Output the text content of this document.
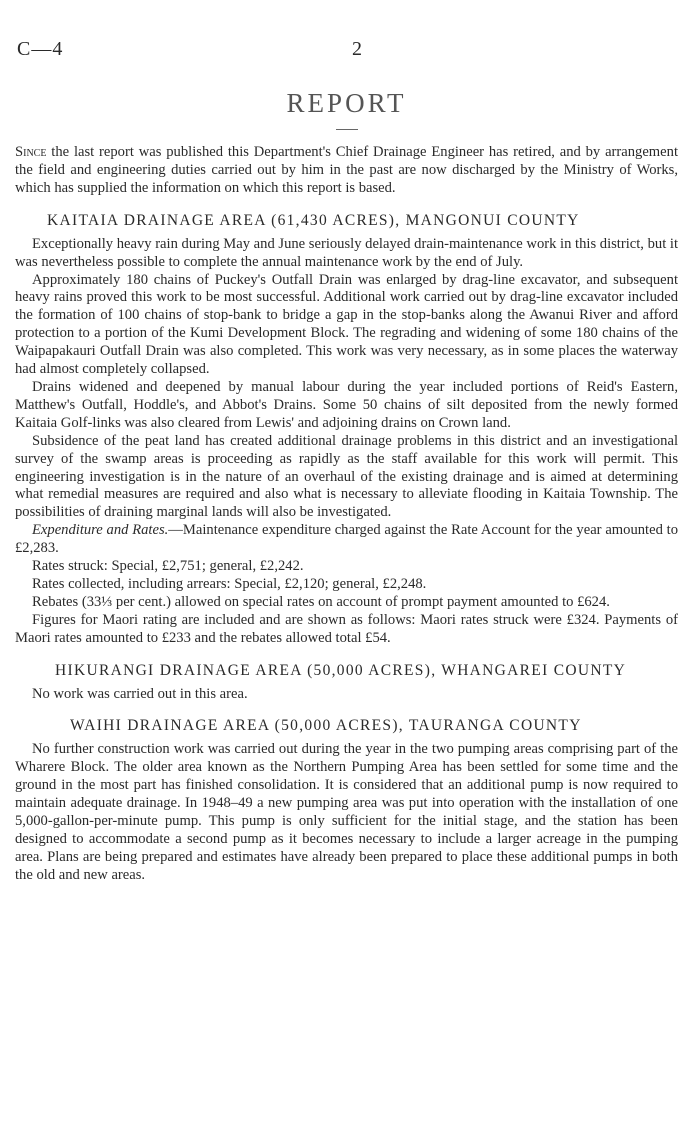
C—4	2
REPORT

Since the last report was published this Department's Chief Drainage Engineer has retired, and by arrangement the field and engineering duties carried out by him in the past are now discharged by the Ministry of Works, which has supplied the information on which this report is based.

KAITAIA DRAINAGE AREA (61,430 ACRES), MANGONUI COUNTY

Exceptionally heavy rain during May and June seriously delayed drain-maintenance work in this district, but it was nevertheless possible to complete the annual maintenance work by the end of July.

Approximately 180 chains of Puckey's Outfall Drain was enlarged by drag-line excavator, and subsequent heavy rains proved this work to be most successful. Additional work carried out by drag-line excavator included the formation of 100 chains of stop-bank to bridge a gap in the stop-banks along the Awanui River and afford protection to a portion of the Kumi Development Block. The regrading and widening of some 180 chains of the Waipapakauri Outfall Drain was also completed. This work was very necessary, as in some places the waterway had almost completely collapsed.

Drains widened and deepened by manual labour during the year included portions of Reid's Eastern, Matthew's Outfall, Hoddle's, and Abbot's Drains. Some 50 chains of silt deposited from the newly formed Kaitaia Golf-links was also cleared from Lewis' and adjoining drains on Crown land.

Subsidence of the peat land has created additional drainage problems in this district and an investigational survey of the swamp areas is proceeding as rapidly as the staff available for this work will permit. This engineering investigation is in the nature of an overhaul of the existing drainage and is aimed at determining what remedial measures are required and also what is necessary to alleviate flooding in Kaitaia Township. The possibilities of draining marginal lands will also be investigated.

Expenditure and Rates.—Maintenance expenditure charged against the Rate Account for the year amounted to £2,283.

Rates struck: Special, £2,751; general, £2,242.

Rates collected, including arrears: Special, £2,120; general, £2,248.

Rebates (33⅓ per cent.) allowed on special rates on account of prompt payment amounted to £624.

Figures for Maori rating are included and are shown as follows: Maori rates struck were £324. Payments of Maori rates amounted to £233 and the rebates allowed total £54.

HIKURANGI DRAINAGE AREA (50,000 ACRES), WHANGAREI COUNTY

No work was carried out in this area.

WAIHI DRAINAGE AREA (50,000 ACRES), TAURANGA COUNTY

No further construction work was carried out during the year in the two pumping areas comprising part of the Wharere Block. The older area known as the Northern Pumping Area has been settled for some time and the ground in the most part has finished consolidation. It is considered that an additional pump is now required to maintain adequate drainage. In 1948–49 a new pumping area was put into operation with the installation of one 5,000-gallon-per-minute pump. This pump is only sufficient for the initial stage, and the station has been designed to accommodate a second pump as it becomes necessary to include a larger acreage in the pumping area. Plans are being prepared and estimates have already been prepared to place these additional pumps in both the old and new areas.
